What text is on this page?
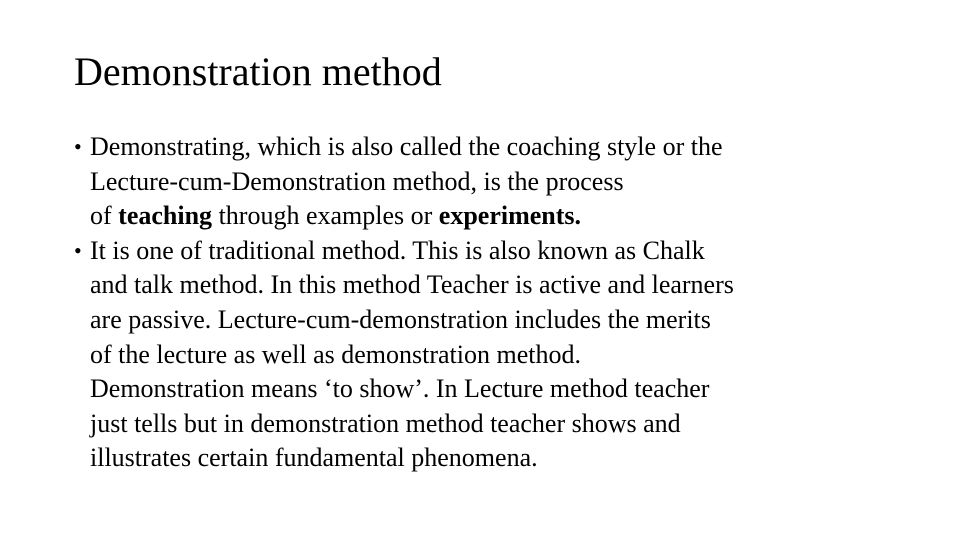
Demonstration method
• Demonstrating, which is also called the coaching style or the
Lecture-cum-Demonstration method, is the process
of teaching through examples or experiments.
• It is one of traditional method. This is also known as Chalk
and talk method. In this method Teacher is active and learners
are passive. Lecture-cum-demonstration includes the merits
of the lecture as well as demonstration method.
Demonstration means ‘to show’. In Lecture method teacher
just tells but in demonstration method teacher shows and
illustrates certain fundamental phenomena.
